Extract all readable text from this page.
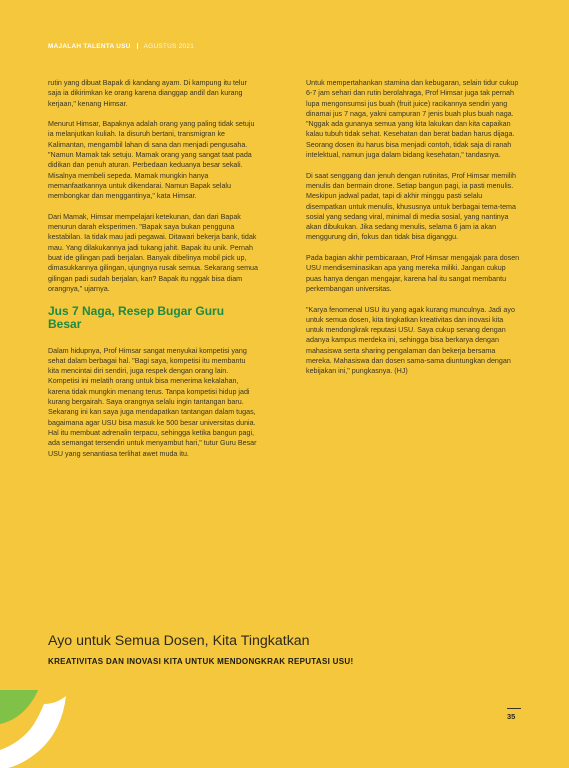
MAJALAH TALENTA USU AGUSTUS 2021

rutin yang dibuat Bapak di kandang ayam. Di kampung itu telur saja ia dikirimkan ke orang karena dianggap andil dan kurang kerjaan," kenang Himsar.

Menurut Himsar, Bapaknya adalah orang yang paling tidak setuju ia melanjutkan kuliah. Ia disuruh bertani, transmigran ke Kalimantan, mengambil lahan di sana dan menjadi pengusaha. "Namun Mamak tak setuju. Mamak orang yang sangat taat pada didikan dan penuh aturan. Perbedaan keduanya besar sekali. Misalnya membeli sepeda. Mamak mungkin hanya memanfaatkannya untuk dikendarai. Namun Bapak selalu membongkar dan menggantinya," kata Himsar.

Dari Mamak, Himsar mempelajari ketekunan, dan dari Bapak menurun darah eksperimen. "Bapak saya bukan pengguna kestabilan. Ia tidak mau jadi pegawai. Ditawari bekerja bank, tidak mau. Yang dilakukannya jadi tukang jahit. Bapak itu unik. Pernah buat ide gilingan padi berjalan. Banyak dibelinya mobil pick up, dimasukkannya gilingan, ujungnya rusak semua. Sekarang semua gilingan padi sudah berjalan, kan? Bapak itu nggak bisa diam orangnya," ujarnya.

Jus 7 Naga, Resep Bugar Guru Besar

Dalam hidupnya, Prof Himsar sangat menyukai kompetisi yang sehat dalam berbagai hal. "Bagi saya, kompetisi itu membantu kita mencintai diri sendiri, juga respek dengan orang lain. Kompetisi ini melatih orang untuk bisa menerima kekalahan, karena tidak mungkin menang terus. Tanpa kompetisi hidup jadi kurang bergairah. Saya orangnya selalu ingin tantangan baru. Sekarang ini kan saya juga mendapatkan tantangan dalam tugas, bagaimana agar USU bisa masuk ke 500 besar universitas dunia. Hal itu membuat adrenalin terpacu, sehingga ketika bangun pagi, ada semangat tersendiri untuk menyambut hari," tutur Guru Besar USU yang senantiasa terlihat awet muda itu.

Untuk mempertahankan stamina dan kebugaran, selain tidur cukup 6-7 jam sehari dan rutin berolahraga, Prof Himsar juga tak pernah lupa mengonsumsi jus buah (fruit juice) racikannya sendiri yang dinamai jus 7 naga, yakni campuran 7 jenis buah plus buah naga. "Nggak ada gunanya semua yang kita lakukan dan kita capaikan kalau tubuh tidak sehat. Kesehatan dan berat badan harus dijaga. Seorang dosen itu harus bisa menjadi contoh, tidak saja di ranah intelektual, namun juga dalam bidang kesehatan," tandasnya.

Di saat senggang dan jenuh dengan rutinitas, Prof Himsar memilih menulis dan bermain drone. Setiap bangun pagi, ia pasti menulis. Meskipun jadwal padat, tapi di akhir minggu pasti selalu disempatkan untuk menulis, khususnya untuk berbagai tema-tema sosial yang sedang viral, minimal di media sosial, yang nantinya akan dibukukan. Jika sedang menulis, selama 6 jam ia akan menggurung diri, fokus dan tidak bisa diganggu.

Pada bagian akhir pembicaraan, Prof Himsar mengajak para dosen USU mendiseminasikan apa yang mereka miliki. Jangan cukup puas hanya dengan mengajar, karena hal itu sangat membantu perkembangan universitas.

"Karya fenomenal USU itu yang agak kurang munculnya. Jadi ayo untuk semua dosen, kita tingkatkan kreativitas dan inovasi kita untuk mendongkrak reputasi USU. Saya cukup senang dengan adanya kampus merdeka ini, sehingga bisa berkarya dengan mahasiswa serta sharing pengalaman dan bekerja bersama mereka. Mahasiswa dan dosen sama-sama diuntungkan dengan kebijakan ini," pungkasnya. (HJ)

Ayo untuk Semua Dosen, Kita Tingkatkan
KREATIVITAS DAN INOVASI KITA UNTUK MENDONGKRAK REPUTASI USU!
35
